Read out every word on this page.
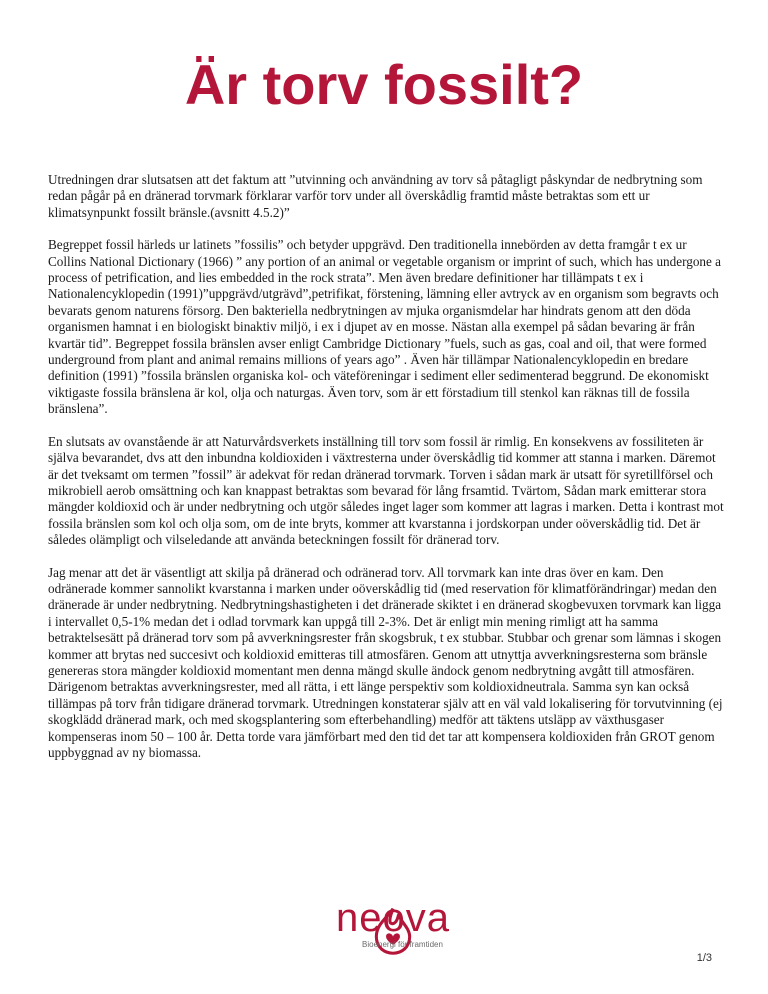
Är torv fossilt?

Utredningen drar slutsatsen att det faktum att ”utvinning och användning av torv så påtagligt påskyndar de nedbrytning som redan pågår på en dränerad torvmark förklarar varför torv under all överskådlig framtid måste betraktas som ett ur klimatsynpunkt fossilt bränsle.(avsnitt 4.5.2)”

Begreppet fossil härleds ur latinets ”fossilis” och betyder uppgrävd. Den traditionella innebörden av detta framgår t ex ur Collins National Dictionary (1966) ” any portion of an animal or vegetable organism or imprint of such, which has undergone a process of petrification, and lies embedded in the rock strata”. Men även bredare definitioner har tillämpats t ex i Nationalencyklopedin (1991)”uppgrävd/utgrävd”,petrifikat, förstening, lämning eller avtryck av en organism som begravts och bevarats genom naturens försorg. Den bakteriella nedbrytningen av mjuka organismdelar har hindrats genom att den döda organismen hamnat i en biologiskt binaktiv miljö, i ex i djupet av en mosse. Nästan alla exempel på sådan bevaring är från kvartär tid”. Begreppet fossila bränslen avser enligt Cambridge Dictionary ”fuels, such as gas, coal and oil, that were formed underground from plant and animal remains millions of years ago” . Även här tillämpar Nationalencyklopedin en bredare definition (1991) ”fossila bränslen organiska kol- och väteföreningar i sediment eller sedimenterad beggrund. De ekonomiskt viktigaste fossila bränslena är kol, olja och naturgas. Även torv, som är ett förstadium till stenkol kan räknas till de fossila bränslena”.

En slutsats av ovanstående är att Naturvårdsverkets inställning till torv som fossil är rimlig. En konsekvens av fossiliteten är själva bevarandet, dvs att den inbundna koldioxiden i växtresterna under överskådlig tid kommer att stanna i marken. Däremot är det tveksamt om termen ”fossil” är adekvat för redan dränerad torvmark. Torven i sådan mark är utsatt för syretillförsel och mikrobiell aerob omsättning och kan knappast betraktas som bevarad för lång frsamtid. Tvärtom, Sådan mark emitterar stora mängder koldioxid och är under nedbrytning och utgör således inget lager som kommer att lagras i marken. Detta i kontrast mot fossila bränslen som kol och olja som, om de inte bryts, kommer att kvarstanna i jordskorpan under oöverskådlig tid. Det är således olämpligt och vilseledande att använda beteckningen fossilt för dränerad torv.

Jag menar att det är väsentligt att skilja på dränerad och odränerad torv. All torvmark kan inte dras över en kam. Den odränerade kommer sannolikt kvarstanna i marken under oöverskådlig tid (med reservation för klimatförändringar) medan den dränerade är under nedbrytning. Nedbrytningshastigheten i det dränerade skiktet i en dränerad skogbevuxen torvmark kan ligga i intervallet 0,5-1% medan det i odlad torvmark kan uppgå till 2-3%. Det är enligt min mening rimligt att ha samma betraktelsesätt på dränerad torv som på avverkningsrester från skogsbruk, t ex stubbar. Stubbar och grenar som lämnas i skogen kommer att brytas ned succesivt och koldioxid emitteras till atmosfären. Genom att utnyttja avverkningsresterna som bränsle genereras stora mängder koldioxid momentant men denna mängd skulle ändock genom nedbrytning avgått till atmosfären. Därigenom betraktas avverkningsrester, med all rätta, i ett länge perspektiv som koldioxidneutrala. Samma syn kan också tillämpas på torv från tidigare dränerad torvmark. Utredningen konstaterar själv att en väl vald lokalisering för torvutvinning (ej skogklädd dränerad mark, och med skogsplantering som efterbehandling) medför att täktens utsläpp av växthusgaser kompenseras inom 50 – 100 år. Detta torde vara jämförbart med den tid det tar att kompensera koldioxiden från GROT genom uppbyggnad av ny biomassa.

neova
Bioenergi för framtiden
1/3
